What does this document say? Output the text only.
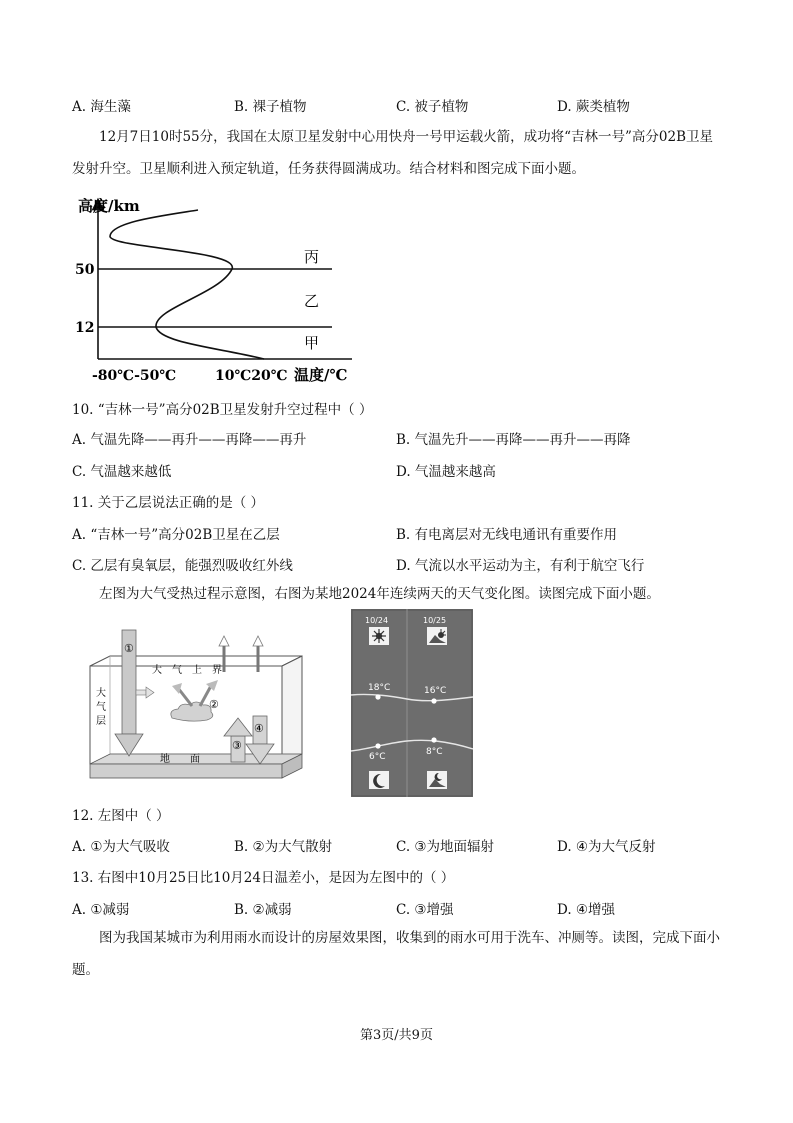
A. 海生藻	B. 裸子植物	C. 被子植物	D. 蕨类植物
12月7日10时55分，我国在太原卫星发射中心用快舟一号甲运载火箭，成功将“吉林一号”高分02B卫星发射升空。卫星顺利进入预定轨道，任务获得圆满成功。结合材料和图完成下面小题。
高度/km
50
12
丙
乙
甲
-80℃-50℃	10℃20℃ 温度/℃
10. “吉林一号”高分02B卫星发射升空过程中（ ）
A. 气温先降——再升——再降——再升	B. 气温先升——再降——再升——再降
C. 气温越来越低	D. 气温越来越高
11. 关于乙层说法正确的是（ ）
A. “吉林一号”高分02B卫星在乙层	B. 有电离层对无线电通讯有重要作用
C. 乙层有臭氧层，能强烈吸收红外线	D. 气流以水平运动为主，有利于航空飞行
左图为大气受热过程示意图，右图为某地2024年连续两天的天气变化图。读图完成下面小题。
①
②
③
④
大　气　上　界
大
气
层
地　　面
10/24	10/25
18°C	16°C
6°C	8°C
12. 左图中（ ）
A. ①为大气吸收	B. ②为大气散射	C. ③为地面辐射	D. ④为大气反射
13. 右图中10月25日比10月24日温差小，是因为左图中的（ ）
A. ①减弱	B. ②减弱	C. ③增强	D. ④增强
图为我国某城市为利用雨水而设计的房屋效果图，收集到的雨水可用于洗车、冲厕等。读图，完成下面小题。
第3页/共9页
